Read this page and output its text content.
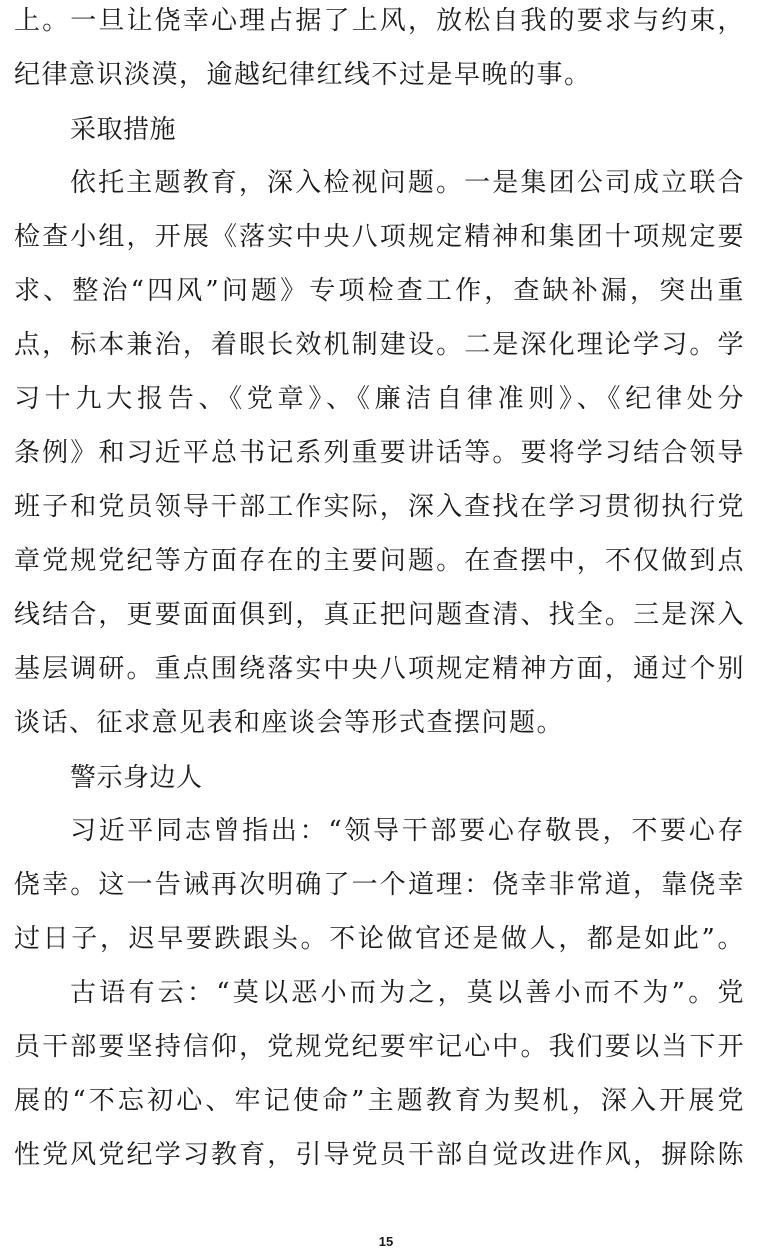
上。一旦让侥幸心理占据了上风，放松自我的要求与约束，
纪律意识淡漠，逾越纪律红线不过是早晚的事。
采取措施
依托主题教育，深入检视问题。一是集团公司成立联合
检查小组，开展《落实中央八项规定精神和集团十项规定要
求、整治“四风”问题》专项检查工作，查缺补漏，突出重
点，标本兼治，着眼长效机制建设。二是深化理论学习。学
习十九大报告、《党章》、《廉洁自律准则》、《纪律处分
条例》和习近平总书记系列重要讲话等。要将学习结合领导
班子和党员领导干部工作实际，深入查找在学习贯彻执行党
章党规党纪等方面存在的主要问题。在查摆中，不仅做到点
线结合，更要面面俱到，真正把问题查清、找全。三是深入
基层调研。重点围绕落实中央八项规定精神方面，通过个别
谈话、征求意见表和座谈会等形式查摆问题。
警示身边人
习近平同志曾指出：“领导干部要心存敬畏，不要心存
侥幸。这一告诫再次明确了一个道理：侥幸非常道，靠侥幸
过日子，迟早要跌跟头。不论做官还是做人，都是如此”。
古语有云：“莫以恶小而为之，莫以善小而不为”。党
员干部要坚持信仰，党规党纪要牢记心中。我们要以当下开
展的“不忘初心、牢记使命”主题教育为契机，深入开展党
性党风党纪学习教育，引导党员干部自觉改进作风，摒除陈
15
